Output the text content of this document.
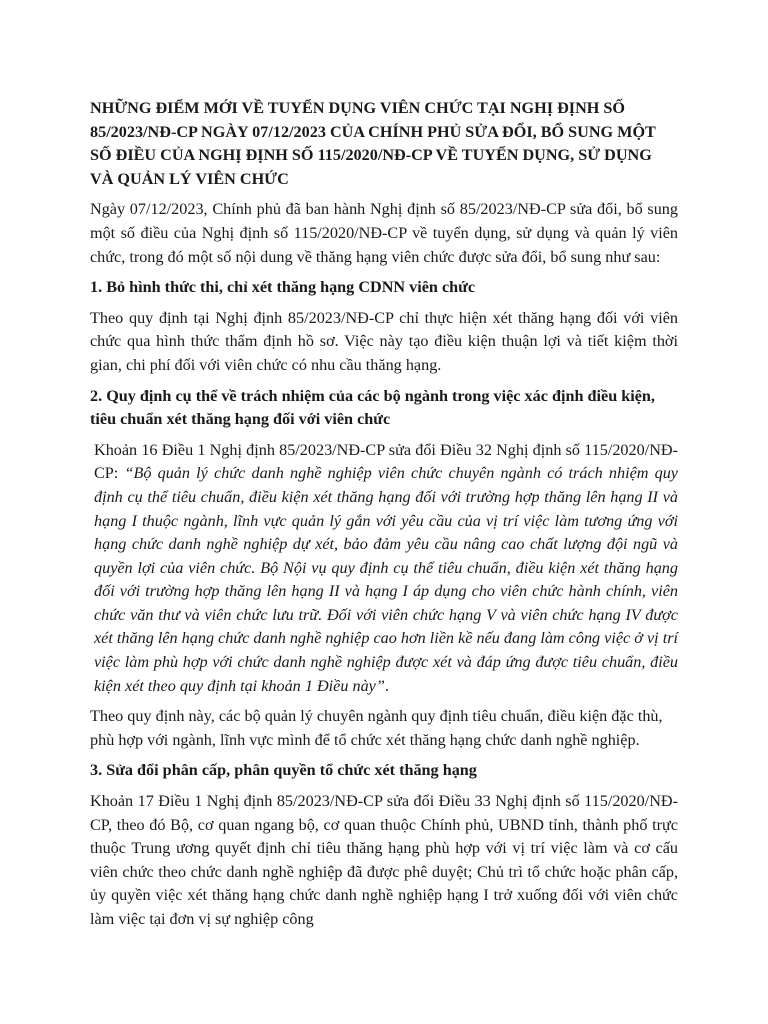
NHỮNG ĐIỂM MỚI VỀ TUYỂN DỤNG VIÊN CHỨC TẠI NGHỊ ĐỊNH SỐ 85/2023/NĐ-CP NGÀY 07/12/2023 CỦA CHÍNH PHỦ SỬA ĐỔI, BỔ SUNG MỘT SỐ ĐIỀU CỦA NGHỊ ĐỊNH SỐ 115/2020/NĐ-CP VỀ TUYỂN DỤNG, SỬ DỤNG VÀ QUẢN LÝ VIÊN CHỨC

Ngày 07/12/2023, Chính phủ đã ban hành Nghị định số 85/2023/NĐ-CP sửa đổi, bổ sung một số điều của Nghị định số 115/2020/NĐ-CP về tuyển dụng, sử dụng và quản lý viên chức, trong đó một số nội dung về thăng hạng viên chức được sửa đổi, bổ sung như sau:

1. Bỏ hình thức thi, chỉ xét thăng hạng CDNN viên chức

Theo quy định tại Nghị định 85/2023/NĐ-CP chỉ thực hiện xét thăng hạng đối với viên chức qua hình thức thẩm định hồ sơ. Việc này tạo điều kiện thuận lợi và tiết kiệm thời gian, chi phí đối với viên chức có nhu cầu thăng hạng.

2. Quy định cụ thể về trách nhiệm của các bộ ngành trong việc xác định điều kiện, tiêu chuẩn xét thăng hạng đối với viên chức

Khoản 16 Điều 1 Nghị định 85/2023/NĐ-CP sửa đổi Điều 32 Nghị định số 115/2020/NĐ-CP: “Bộ quản lý chức danh nghề nghiệp viên chức chuyên ngành có trách nhiệm quy định cụ thể tiêu chuẩn, điều kiện xét thăng hạng đối với trường hợp thăng lên hạng II và hạng I thuộc ngành, lĩnh vực quản lý gắn với yêu cầu của vị trí việc làm tương ứng với hạng chức danh nghề nghiệp dự xét, bảo đảm yêu cầu nâng cao chất lượng đội ngũ và quyền lợi của viên chức. Bộ Nội vụ quy định cụ thể tiêu chuẩn, điều kiện xét thăng hạng đối với trường hợp thăng lên hạng II và hạng I áp dụng cho viên chức hành chính, viên chức văn thư và viên chức lưu trữ. Đối với viên chức hạng V và viên chức hạng IV được xét thăng lên hạng chức danh nghề nghiệp cao hơn liền kề nếu đang làm công việc ở vị trí việc làm phù hợp với chức danh nghề nghiệp được xét và đáp ứng được tiêu chuẩn, điều kiện xét theo quy định tại khoản 1 Điều này”.

Theo quy định này, các bộ quản lý chuyên ngành quy định tiêu chuẩn, điều kiện đặc thù, phù hợp với ngành, lĩnh vực mình để tổ chức xét thăng hạng chức danh nghề nghiệp.

3. Sửa đổi phân cấp, phân quyền tổ chức xét thăng hạng

Khoản 17 Điều 1 Nghị định 85/2023/NĐ-CP sửa đổi Điều 33 Nghị định số 115/2020/NĐ-CP, theo đó Bộ, cơ quan ngang bộ, cơ quan thuộc Chính phủ, UBND tỉnh, thành phố trực thuộc Trung ương quyết định chỉ tiêu thăng hạng phù hợp với vị trí việc làm và cơ cấu viên chức theo chức danh nghề nghiệp đã được phê duyệt; Chủ trì tổ chức hoặc phân cấp, ủy quyền việc xét thăng hạng chức danh nghề nghiệp hạng I trở xuống đối với viên chức làm việc tại đơn vị sự nghiệp công
